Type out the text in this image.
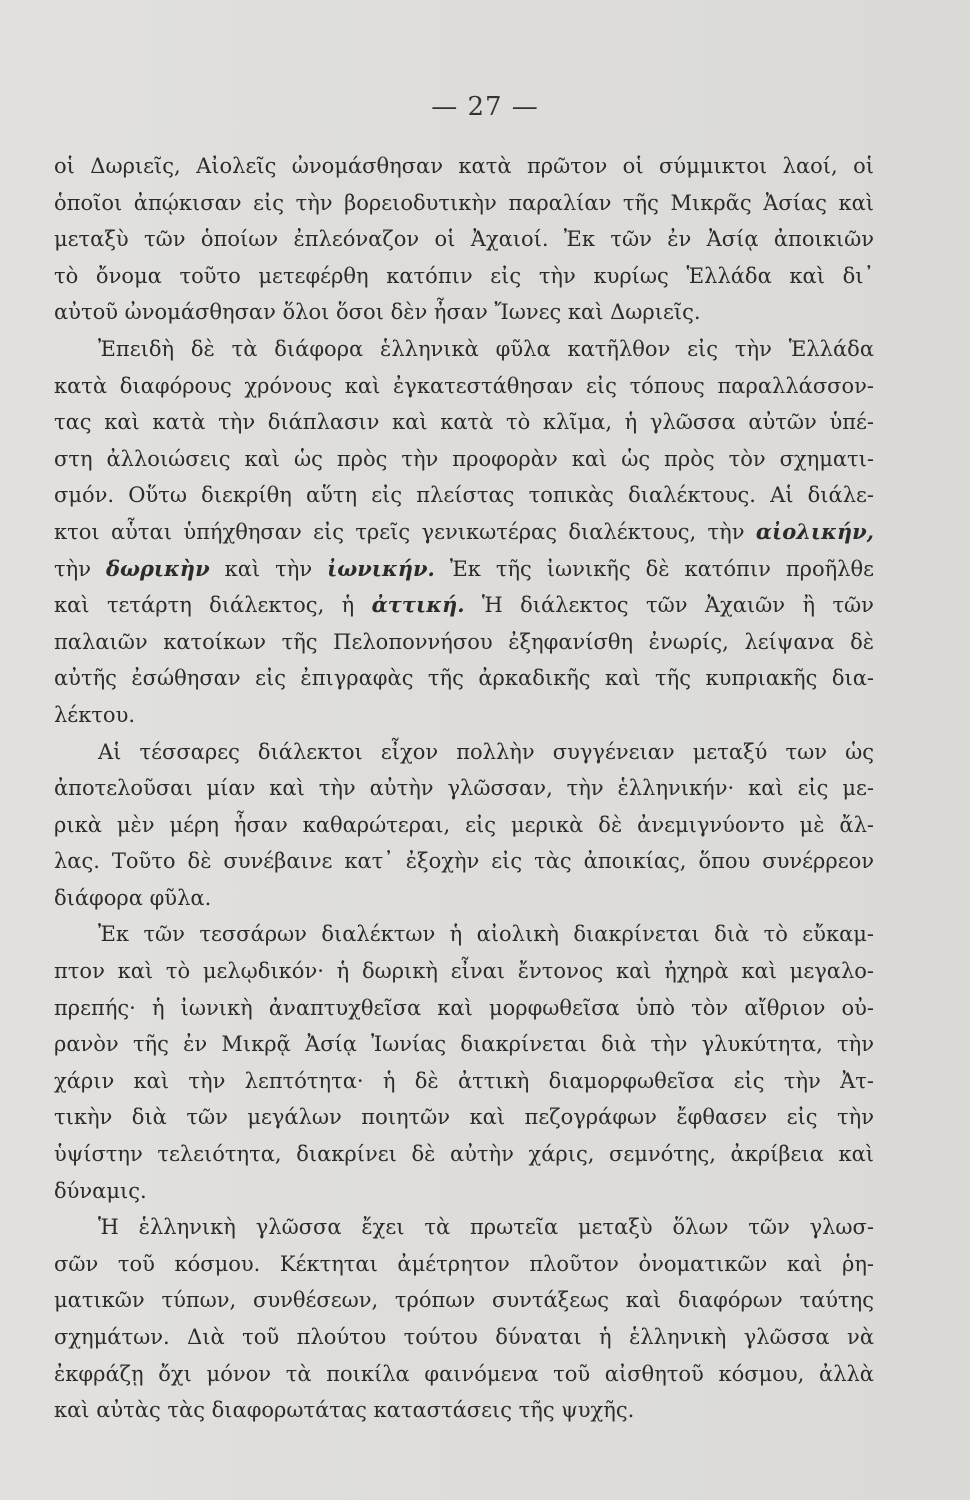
— 27 —
οἱ Δωριεῖς, Αἰολεῖς ὠνομάσθησαν κατὰ πρῶτον οἱ σύμμικτοι λαοί, οἱ
ὁποῖοι ἀπῴκισαν εἰς τὴν βορειοδυτικὴν παραλίαν τῆς Μικρᾶς Ἀσίας καὶ
μεταξὺ τῶν ὁποίων ἐπλεόναζον οἱ Ἀχαιοί. Ἐκ τῶν ἐν Ἀσίᾳ ἀποικιῶν
τὸ ὄνομα τοῦτο μετεφέρθη κατόπιν εἰς τὴν κυρίως Ἑλλάδα καὶ δι᾽
αὐτοῦ ὠνομάσθησαν ὅλοι ὅσοι δὲν ἦσαν Ἴωνες καὶ Δωριεῖς.
Ἐπειδὴ δὲ τὰ διάφορα ἑλληνικὰ φῦλα κατῆλθον εἰς τὴν Ἑλλάδα
κατὰ διαφόρους χρόνους καὶ ἐγκατεστάθησαν εἰς τόπους παραλλάσσον-
τας καὶ κατὰ τὴν διάπλασιν καὶ κατὰ τὸ κλῖμα, ἡ γλῶσσα αὐτῶν ὑπέ-
στη ἀλλοιώσεις καὶ ὡς πρὸς τὴν προφορὰν καὶ ὡς πρὸς τὸν σχηματι-
σμόν. Οὕτω διεκρίθη αὕτη εἰς πλείστας τοπικὰς διαλέκτους. Αἱ διάλε-
κτοι αὗται ὑπήχθησαν εἰς τρεῖς γενικωτέρας διαλέκτους, τὴν αἰολικήν,
τὴν δωρικὴν καὶ τὴν ἰωνικήν. Ἐκ τῆς ἰωνικῆς δὲ κατόπιν προῆλθε
καὶ τετάρτη διάλεκτος, ἡ ἀττική. Ἡ διάλεκτος τῶν Ἀχαιῶν ἢ τῶν
παλαιῶν κατοίκων τῆς Πελοποννήσου ἐξηφανίσθη ἐνωρίς, λείψανα δὲ
αὐτῆς ἐσώθησαν εἰς ἐπιγραφὰς τῆς ἀρκαδικῆς καὶ τῆς κυπριακῆς δια-
λέκτου.
Αἱ τέσσαρες διάλεκτοι εἶχον πολλὴν συγγένειαν μεταξύ των ὡς
ἀποτελοῦσαι μίαν καὶ τὴν αὐτὴν γλῶσσαν, τὴν ἑλληνικήν· καὶ εἰς με-
ρικὰ μὲν μέρη ἦσαν καθαρώτεραι, εἰς μερικὰ δὲ ἀνεμιγνύοντο μὲ ἄλ-
λας. Τοῦτο δὲ συνέβαινε κατ᾽ ἐξοχὴν εἰς τὰς ἀποικίας, ὅπου συνέρρεον
διάφορα φῦλα.
Ἐκ τῶν τεσσάρων διαλέκτων ἡ αἰολικὴ διακρίνεται διὰ τὸ εὔκαμ-
πτον καὶ τὸ μελῳδικόν· ἡ δωρικὴ εἶναι ἔντονος καὶ ἠχηρὰ καὶ μεγαλο-
πρεπής· ἡ ἰωνικὴ ἀναπτυχθεῖσα καὶ μορφωθεῖσα ὑπὸ τὸν αἴθριον οὐ-
ρανὸν τῆς ἐν Μικρᾷ Ἀσίᾳ Ἰωνίας διακρίνεται διὰ τὴν γλυκύτητα, τὴν
χάριν καὶ τὴν λεπτότητα· ἡ δὲ ἀττικὴ διαμορφωθεῖσα εἰς τὴν Ἀτ-
τικὴν διὰ τῶν μεγάλων ποιητῶν καὶ πεζογράφων ἔφθασεν εἰς τὴν
ὑψίστην τελειότητα, διακρίνει δὲ αὐτὴν χάρις, σεμνότης, ἀκρίβεια καὶ
δύναμις.
Ἡ ἑλληνικὴ γλῶσσα ἔχει τὰ πρωτεῖα μεταξὺ ὅλων τῶν γλωσ-
σῶν τοῦ κόσμου. Κέκτηται ἀμέτρητον πλοῦτον ὀνοματικῶν καὶ ῥη-
ματικῶν τύπων, συνθέσεων, τρόπων συντάξεως καὶ διαφόρων ταύτης
σχημάτων. Διὰ τοῦ πλούτου τούτου δύναται ἡ ἑλληνικὴ γλῶσσα νὰ
ἐκφράζῃ ὄχι μόνον τὰ ποικίλα φαινόμενα τοῦ αἰσθητοῦ κόσμου, ἀλλὰ
καὶ αὐτὰς τὰς διαφορωτάτας καταστάσεις τῆς ψυχῆς.
